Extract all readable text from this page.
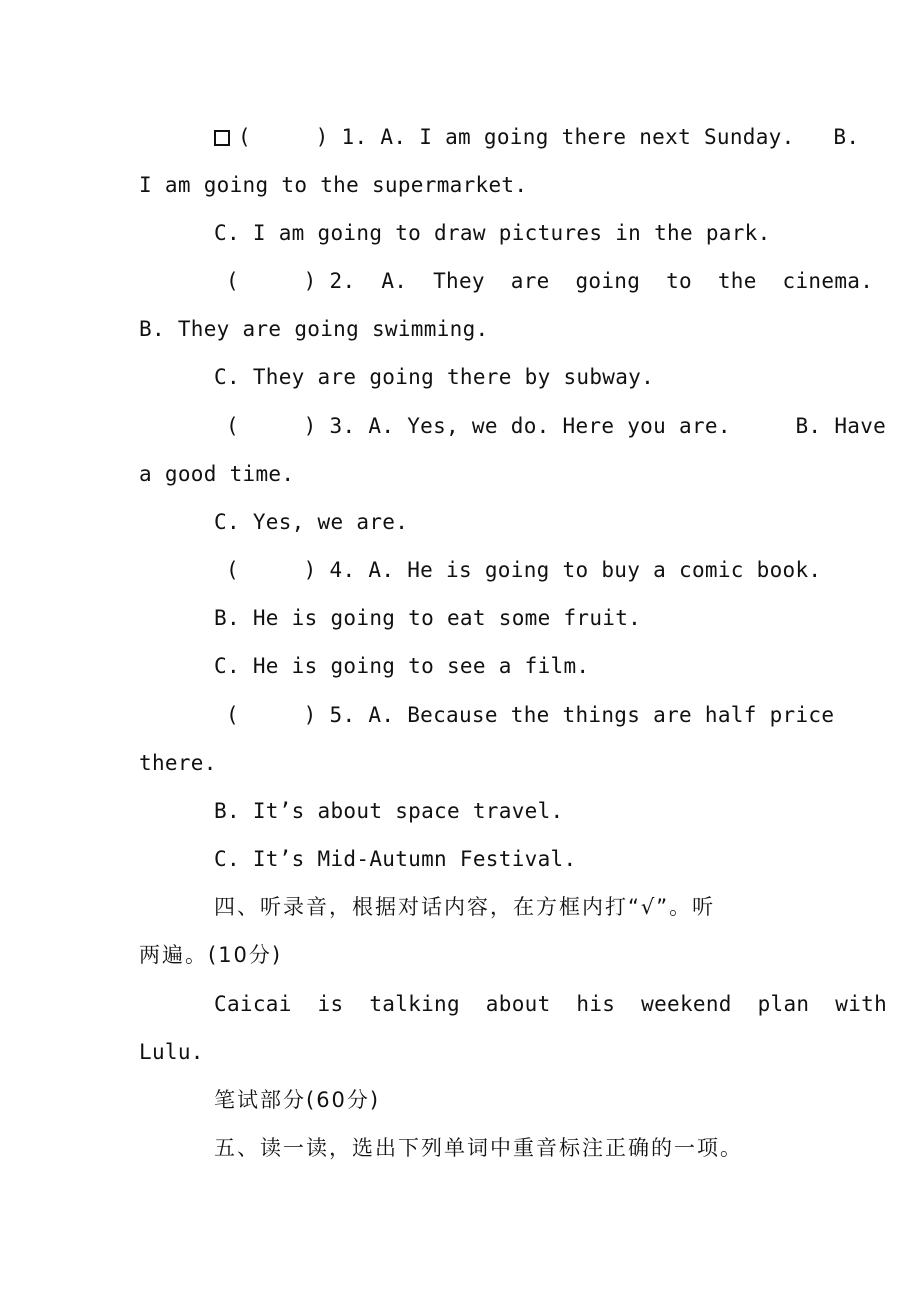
(     ) 1. A. I am going there next Sunday.   B.
I am going to the supermarket.
C. I am going to draw pictures in the park.
(     ) 2.  A.  They  are  going  to  the  cinema.
B. They are going swimming.
C. They are going there by subway.
(     ) 3. A. Yes, we do. Here you are.     B. Have
a good time.
C. Yes, we are.
(     ) 4. A. He is going to buy a comic book.
B. He is going to eat some fruit.
C. He is going to see a film.
(     ) 5. A. Because the things are half price
there.
B. It’s about space travel.
C. It’s Mid-Autumn Festival.
四、听录音，根据对话内容，在方框内打“√”。听
两遍。(10分)
Caicai  is  talking  about  his  weekend  plan  with
Lulu.
笔试部分(60分)
五、读一读，选出下列单词中重音标注正确的一项。
